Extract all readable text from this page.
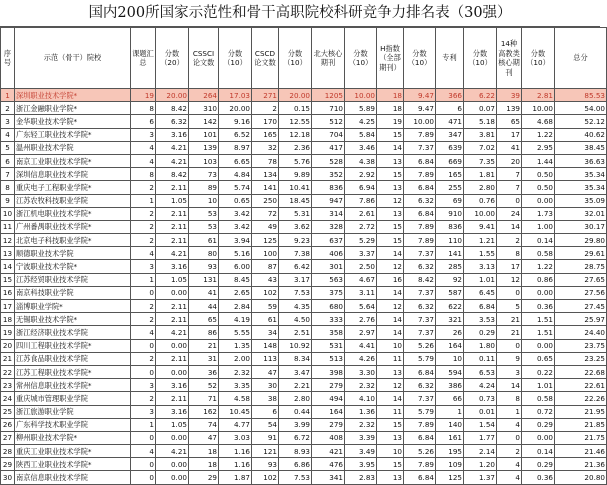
国内200所国家示范性和骨干高职院校科研竞争力排名表（30强）
序号	示范（骨干）院校	课题汇总	分数（20）	CSSCI论文数	分数（10）	CSCD论文数	分数（10）	北大核心期刊	分数（10）	H指数（全部期刊）	分数（10）	专利	分数（10）	14种高教类核心期刊	分数（10）	总分
1	深圳职业技术学院*	19	20.00	264	17.03	271	20.00	1205	10.00	18	9.47	366	6.22	39	2.81	85.53
2	浙江金融职业学院*	8	8.42	310	20.00	2	0.15	710	5.89	18	9.47	6	0.07	139	10.00	54.00
3	金华职业技术学院*	6	6.32	142	9.16	170	12.55	512	4.25	19	10.00	471	5.18	65	4.68	52.12
4	广东轻工职业技术学院*	3	3.16	101	6.52	165	12.18	704	5.84	15	7.89	347	3.81	17	1.22	40.62
5	温州职业技术学院	4	4.21	139	8.97	32	2.36	417	3.46	14	7.37	639	7.02	41	2.95	38.45
6	南京工业职业技术学院*	4	4.21	103	6.65	78	5.76	528	4.38	13	6.84	669	7.35	20	1.44	36.63
7	深圳信息职业技术学院	8	8.42	73	4.84	134	9.89	352	2.92	15	7.89	165	1.81	7	0.50	35.34
8	重庆电子工程职业学院*	2	2.11	89	5.74	141	10.41	836	6.94	13	6.84	255	2.80	7	0.50	35.34
9	江苏农牧科技职业学院	1	1.05	10	0.65	250	18.45	947	7.86	12	6.32	69	0.76	0	0.00	35.09
10	浙江机电职业技术学院*	2	2.11	53	3.42	72	5.31	314	2.61	13	6.84	910	10.00	24	1.73	32.01
11	广州番禺职业技术学院*	2	2.11	53	3.42	49	3.62	328	2.72	15	7.89	836	9.41	14	1.00	30.17
12	北京电子科技职业学院*	2	2.11	61	3.94	125	9.23	637	5.29	15	7.89	110	1.21	2	0.14	29.80
13	顺德职业技术学院	4	4.21	80	5.16	100	7.38	406	3.37	14	7.37	141	1.55	8	0.58	29.61
14	宁波职业技术学院*	3	3.16	93	6.00	87	6.42	301	2.50	12	6.32	285	3.13	17	1.22	28.75
15	江苏经贸职业技术学院	1	1.05	131	8.45	43	3.17	563	4.67	16	8.42	92	1.01	12	0.86	27.65
16	南京科技职业学院	0	0.00	41	2.65	102	7.53	375	3.11	14	7.37	587	6.45	0	0.00	27.56
17	淄博职业学院*	2	2.11	44	2.84	59	4.35	680	5.64	12	6.32	622	6.84	5	0.36	27.45
18	无锡职业技术学院*	2	2.11	65	4.19	61	4.50	333	2.76	14	7.37	321	3.53	21	1.51	25.97
19	浙江经济职业技术学院	4	4.21	86	5.55	34	2.51	358	2.97	14	7.37	26	0.29	21	1.51	24.40
20	四川工程职业技术学院*	0	0.00	21	1.35	148	10.92	531	4.41	10	5.26	164	1.80	0	0.00	23.75
21	江苏食品职业技术学院	2	2.11	31	2.00	113	8.34	513	4.26	11	5.79	10	0.11	9	0.65	23.25
22	江苏工程职业技术学院*	0	0.00	36	2.32	47	3.47	398	3.30	13	6.84	594	6.53	3	0.22	22.68
23	常州信息职业技术学院*	3	3.16	52	3.35	30	2.21	279	2.32	12	6.32	386	4.24	14	1.01	22.61
24	重庆城市管理职业学院	2	2.11	71	4.58	38	2.80	494	4.10	14	7.37	66	0.73	8	0.58	22.26
25	浙江旅游职业学院	3	3.16	162	10.45	6	0.44	164	1.36	11	5.79	1	0.01	1	0.72	21.95
26	广东科学技术职业学院	1	1.05	74	4.77	54	3.99	279	2.32	15	7.89	140	1.54	4	0.29	21.85
27	柳州职业技术学院*	0	0.00	47	3.03	91	6.72	408	3.39	13	6.84	161	1.77	0	0.00	21.75
28	重庆工业职业技术学院*	4	4.21	18	1.16	121	8.93	421	3.49	10	5.26	195	2.14	2	0.14	21.46
29	陕西工业职业技术学院*	0	0.00	18	1.16	93	6.86	476	3.95	15	7.89	109	1.20	4	0.29	21.36
30	南京信息职业技术学院	0	0.00	29	1.87	102	7.53	341	2.83	13	6.84	125	1.37	4	0.36	20.80
